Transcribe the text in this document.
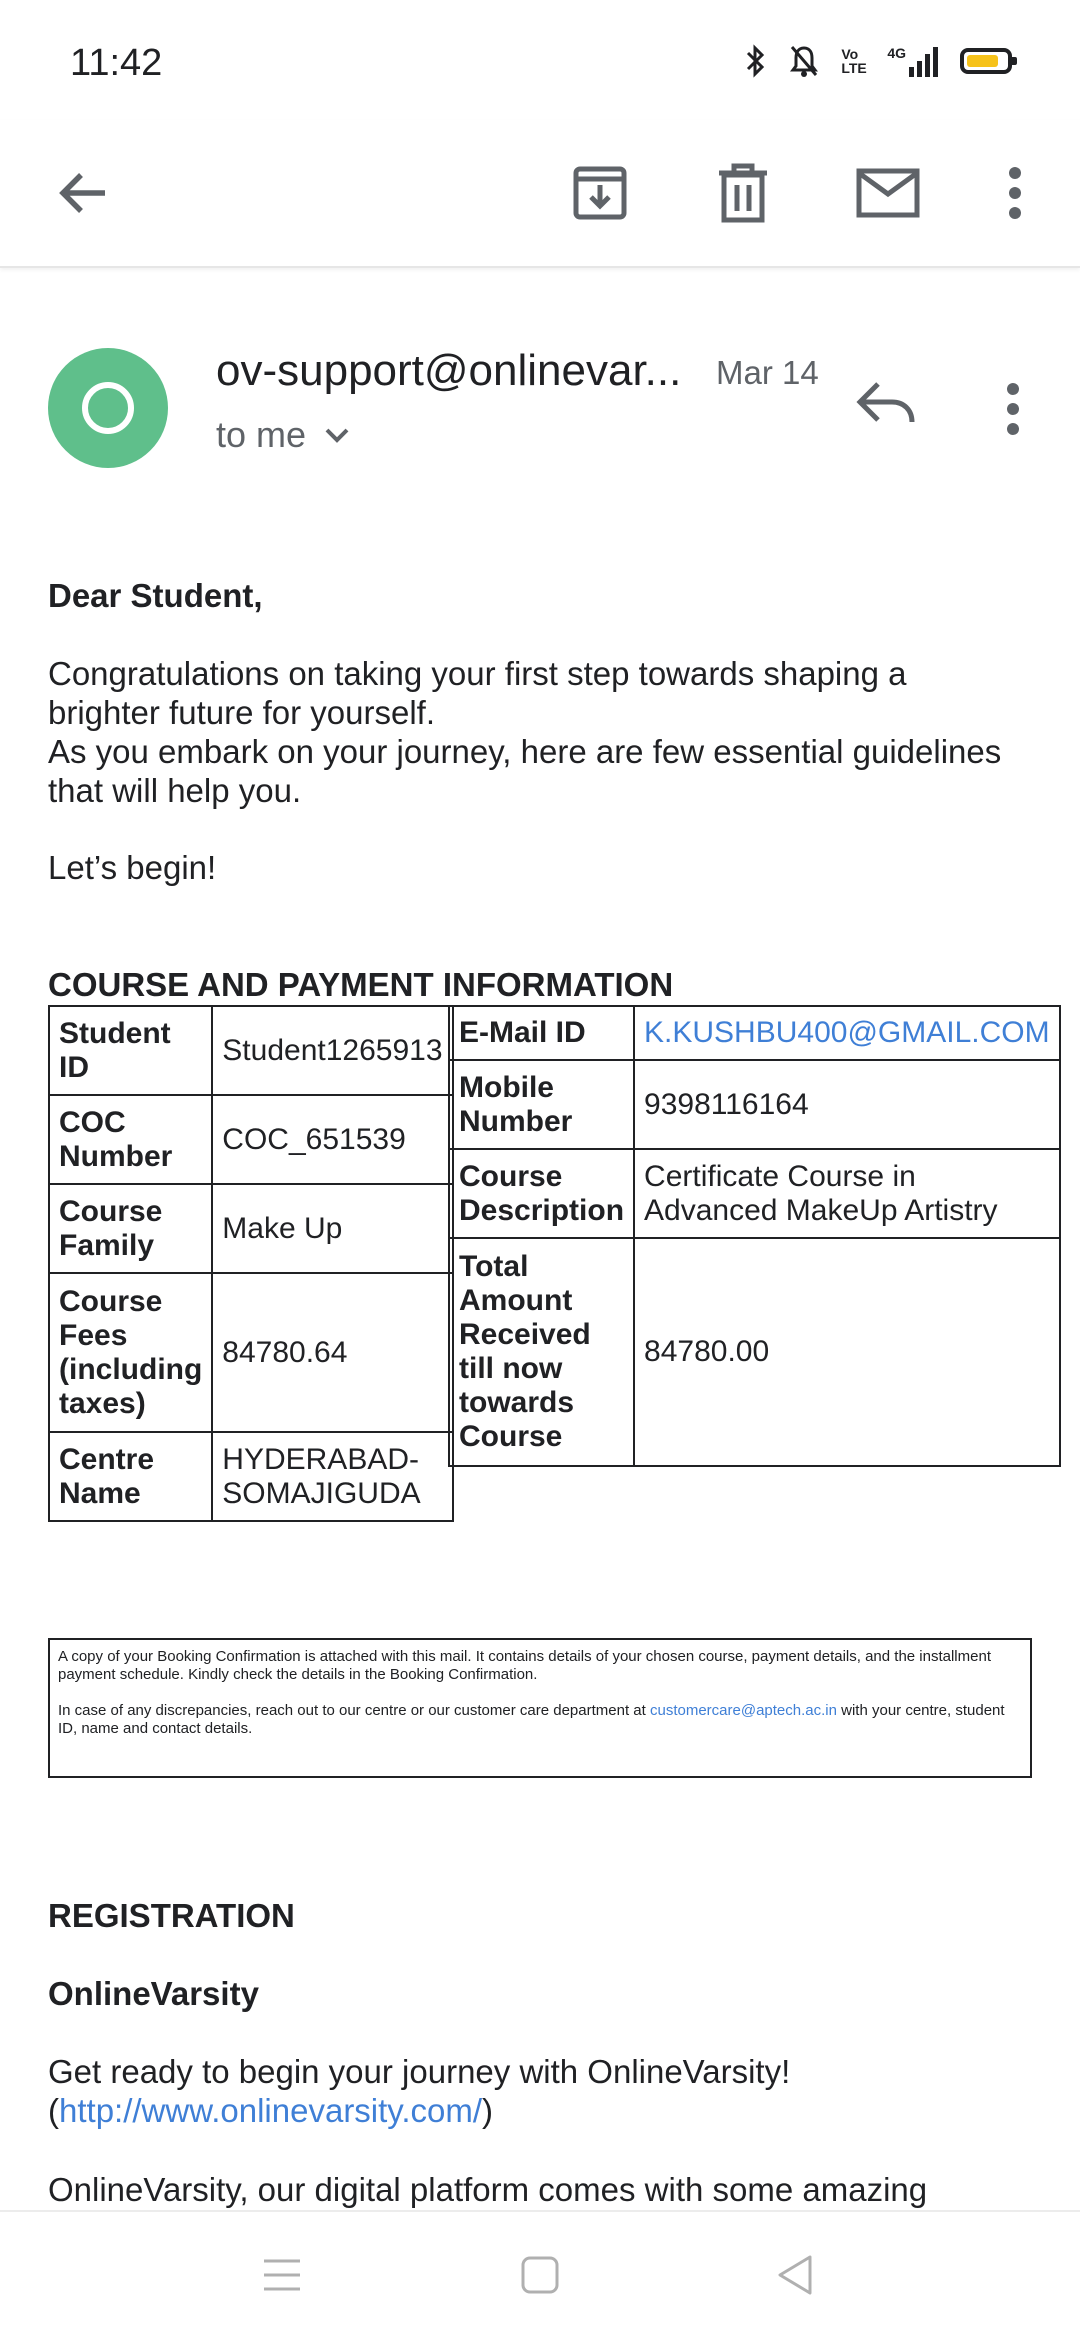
11:42	Vo LTE
4G
ov-support@onlinevar... Mar 14
to me
Dear Student,
Congratulations on taking your first step towards shaping a
brighter future for yourself.
As you embark on your journey, here are few essential guidelines
that will help you.
Let’s begin!
COURSE AND PAYMENT INFORMATION
Student ID	Student1265913
COC Number	COC_651539
Course Family	Make Up
Course Fees (including taxes)	84780.64
Centre Name	HYDERABAD-SOMAJIGUDA
E-Mail ID	K.KUSHBU400@GMAIL.COM
Mobile Number	9398116164
Course Description	Certificate Course in Advanced MakeUp Artistry
Total Amount Received till now towards Course	84780.00

A copy of your Booking Confirmation is attached with this mail. It contains details of your chosen course, payment details, and the installment payment schedule. Kindly check the details in the Booking Confirmation.

In case of any discrepancies, reach out to our centre or our customer care department at customercare@aptech.ac.in with your centre, student ID, name and contact details.

REGISTRATION
OnlineVarsity
Get ready to begin your journey with OnlineVarsity!
(http://www.onlinevarsity.com/)
OnlineVarsity, our digital platform comes with some amazing
